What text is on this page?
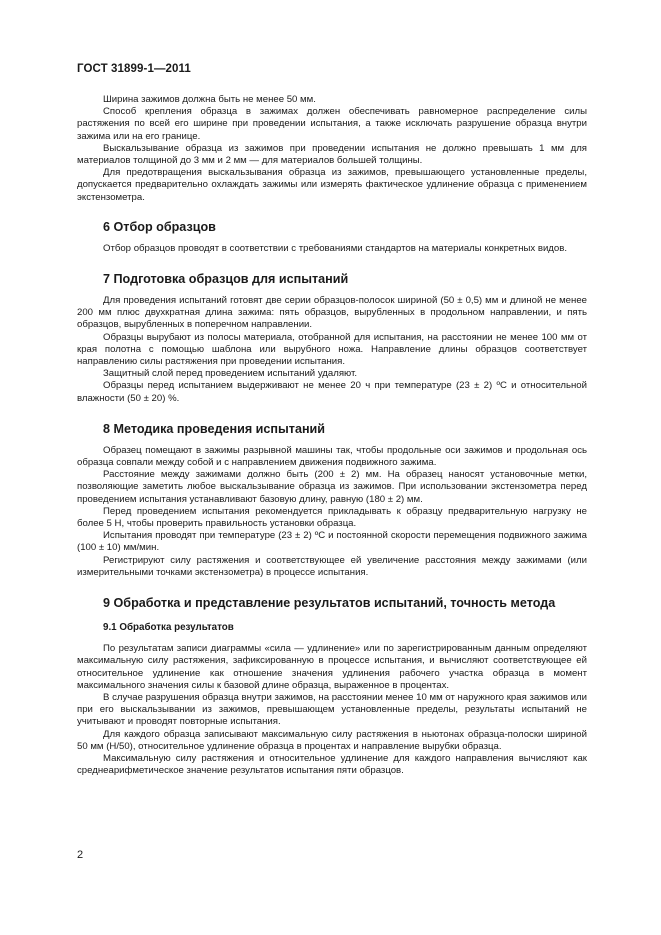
ГОСТ 31899-1—2011

Ширина зажимов должна быть не менее 50 мм.

Способ крепления образца в зажимах должен обеспечивать равномерное распределение силы растяжения по всей его ширине при проведении испытания, а также исключать разрушение образца внутри зажима или на его границе.

Выскальзывание образца из зажимов при проведении испытания не должно превышать 1 мм для материалов толщиной до 3 мм и 2 мм — для материалов большей толщины.

Для предотвращения выскальзывания образца из зажимов, превышающего установленные пределы, допускается предварительно охлаждать зажимы или измерять фактическое удлинение образца с применением экстензометра.

6 Отбор образцов

Отбор образцов проводят в соответствии с требованиями стандартов на материалы конкретных видов.

7 Подготовка образцов для испытаний

Для проведения испытаний готовят две серии образцов-полосок шириной (50 ± 0,5) мм и длиной не менее 200 мм плюс двухкратная длина зажима: пять образцов, вырубленных в продольном направлении, и пять образцов, вырубленных в поперечном направлении.

Образцы вырубают из полосы материала, отобранной для испытания, на расстоянии не менее 100 мм от края полотна с помощью шаблона или вырубного ножа. Направление длины образцов соответствует направлению силы растяжения при проведении испытания.

Защитный слой перед проведением испытаний удаляют.

Образцы перед испытанием выдерживают не менее 20 ч при температуре (23 ± 2) ºС и относительной влажности (50 ± 20) %.

8 Методика проведения испытаний

Образец помещают в зажимы разрывной машины так, чтобы продольные оси зажимов и продольная ось образца совпали между собой и с направлением движения подвижного зажима.

Расстояние между зажимами должно быть (200 ± 2) мм. На образец наносят установочные метки, позволяющие заметить любое выскальзывание образца из зажимов. При использовании экстензометра перед проведением испытания устанавливают базовую длину, равную (180 ± 2) мм.

Перед проведением испытания рекомендуется прикладывать к образцу предварительную нагрузку не более 5 Н, чтобы проверить правильность установки образца.

Испытания проводят при температуре (23 ± 2) ºС и постоянной скорости перемещения подвижного зажима (100 ± 10) мм/мин.

Регистрируют силу растяжения и соответствующее ей увеличение расстояния между зажимами (или измерительными точками экстензометра) в процессе испытания.

9 Обработка и представление результатов испытаний, точность метода
9.1 Обработка результатов

По результатам записи диаграммы «сила — удлинение» или по зарегистрированным данным определяют максимальную силу растяжения, зафиксированную в процессе испытания, и вычисляют соответствующее ей относительное удлинение как отношение значения удлинения рабочего участка образца в момент максимального значения силы к базовой длине образца, выраженное в процентах.

В случае разрушения образца внутри зажимов, на расстоянии менее 10 мм от наружного края зажимов или при его выскальзывании из зажимов, превышающем установленные пределы, результаты испытаний не учитывают и проводят повторные испытания.

Для каждого образца записывают максимальную силу растяжения в ньютонах образца-полоски шириной 50 мм (Н/50), относительное удлинение образца в процентах и направление вырубки образца.

Максимальную силу растяжения и относительное удлинение для каждого направления вычисляют как среднеарифметическое значение результатов испытания пяти образцов.

2
